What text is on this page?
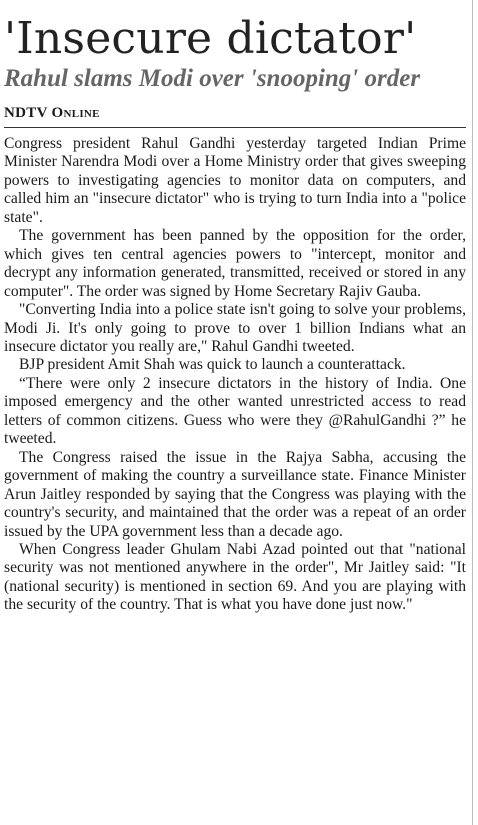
'Insecure dictator'
Rahul slams Modi over 'snooping' order
NDTV Online

Congress president Rahul Gandhi yesterday targeted Indian Prime Minister Narendra Modi over a Home Ministry order that gives sweeping powers to investigating agencies to monitor data on computers, and called him an "insecure dictator" who is trying to turn India into a "police state".

The government has been panned by the opposition for the order, which gives ten central agencies powers to "intercept, monitor and decrypt any information generated, transmitted, received or stored in any computer". The order was signed by Home Secretary Rajiv Gauba.

"Converting India into a police state isn't going to solve your problems, Modi Ji. It's only going to prove to over 1 billion Indians what an insecure dictator you really are," Rahul Gandhi tweeted.

BJP president Amit Shah was quick to launch a counterattack.

“There were only 2 insecure dictators in the history of India. One imposed emergency and the other wanted unrestricted access to read letters of common citizens. Guess who were they @RahulGandhi ?” he tweeted.

The Congress raised the issue in the Rajya Sabha, accusing the government of making the country a surveillance state. Finance Minister Arun Jaitley responded by saying that the Congress was playing with the country's security, and maintained that the order was a repeat of an order issued by the UPA government less than a decade ago.

When Congress leader Ghulam Nabi Azad pointed out that "national security was not mentioned anywhere in the order", Mr Jaitley said: "It (national security) is mentioned in section 69. And you are playing with the security of the country. That is what you have done just now."
